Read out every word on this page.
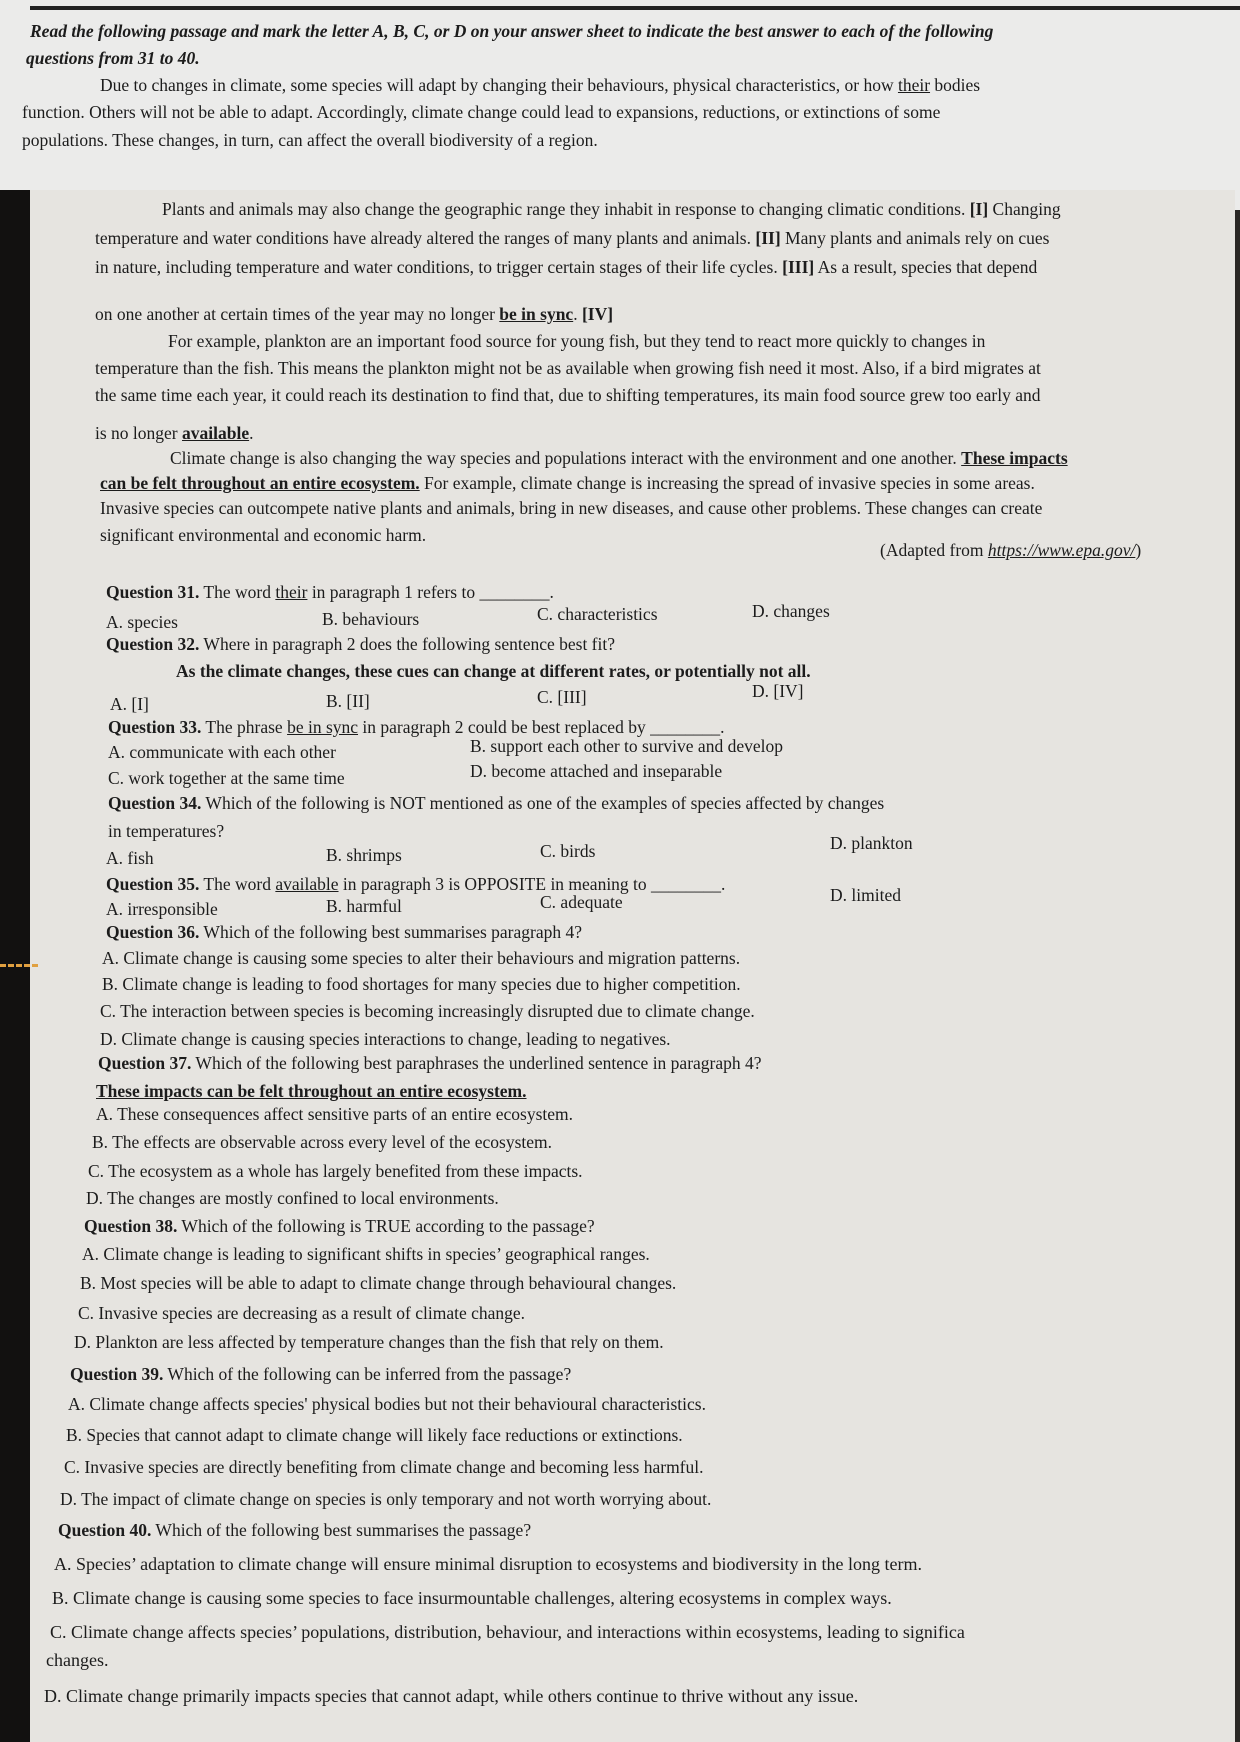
Read the following passage and mark the letter A, B, C, or D on your answer sheet to indicate the best answer to each of the following
questions from 31 to 40.
Due to changes in climate, some species will adapt by changing their behaviours, physical characteristics, or how their bodies
function. Others will not be able to adapt. Accordingly, climate change could lead to expansions, reductions, or extinctions of some
populations. These changes, in turn, can affect the overall biodiversity of a region.
Plants and animals may also change the geographic range they inhabit in response to changing climatic conditions. [I] Changing
temperature and water conditions have already altered the ranges of many plants and animals. [II] Many plants and animals rely on cues
in nature, including temperature and water conditions, to trigger certain stages of their life cycles. [III] As a result, species that depend
on one another at certain times of the year may no longer be in sync. [IV]
For example, plankton are an important food source for young fish, but they tend to react more quickly to changes in
temperature than the fish. This means the plankton might not be as available when growing fish need it most. Also, if a bird migrates at
the same time each year, it could reach its destination to find that, due to shifting temperatures, its main food source grew too early and
is no longer available.
Climate change is also changing the way species and populations interact with the environment and one another. These impacts
can be felt throughout an entire ecosystem. For example, climate change is increasing the spread of invasive species in some areas.
Invasive species can outcompete native plants and animals, bring in new diseases, and cause other problems. These changes can create
significant environmental and economic harm.
(Adapted from https://www.epa.gov/)
Question 31. The word their in paragraph 1 refers to ________.
A. species	B. behaviours	C. characteristics	D. changes
Question 32. Where in paragraph 2 does the following sentence best fit?
As the climate changes, these cues can change at different rates, or potentially not all.
A. [I]	B. [II]	C. [III]	D. [IV]
Question 33. The phrase be in sync in paragraph 2 could be best replaced by ________.
A. communicate with each other	B. support each other to survive and develop
C. work together at the same time	D. become attached and inseparable
Question 34. Which of the following is NOT mentioned as one of the examples of species affected by changes
in temperatures?
A. fish	B. shrimps	C. birds	D. plankton
Question 35. The word available in paragraph 3 is OPPOSITE in meaning to ________.
A. irresponsible	B. harmful	C. adequate	D. limited
Question 36. Which of the following best summarises paragraph 4?
A. Climate change is causing some species to alter their behaviours and migration patterns.
B. Climate change is leading to food shortages for many species due to higher competition.
C. The interaction between species is becoming increasingly disrupted due to climate change.
D. Climate change is causing species interactions to change, leading to negatives.
Question 37. Which of the following best paraphrases the underlined sentence in paragraph 4?
These impacts can be felt throughout an entire ecosystem.
A. These consequences affect sensitive parts of an entire ecosystem.
B. The effects are observable across every level of the ecosystem.
C. The ecosystem as a whole has largely benefited from these impacts.
D. The changes are mostly confined to local environments.
Question 38. Which of the following is TRUE according to the passage?
A. Climate change is leading to significant shifts in species’ geographical ranges.
B. Most species will be able to adapt to climate change through behavioural changes.
C. Invasive species are decreasing as a result of climate change.
D. Plankton are less affected by temperature changes than the fish that rely on them.
Question 39. Which of the following can be inferred from the passage?
A. Climate change affects species' physical bodies but not their behavioural characteristics.
B. Species that cannot adapt to climate change will likely face reductions or extinctions.
C. Invasive species are directly benefiting from climate change and becoming less harmful.
D. The impact of climate change on species is only temporary and not worth worrying about.
Question 40. Which of the following best summarises the passage?
A. Species’ adaptation to climate change will ensure minimal disruption to ecosystems and biodiversity in the long term.
B. Climate change is causing some species to face insurmountable challenges, altering ecosystems in complex ways.
C. Climate change affects species’ populations, distribution, behaviour, and interactions within ecosystems, leading to significa
changes.
D. Climate change primarily impacts species that cannot adapt, while others continue to thrive without any issue.
